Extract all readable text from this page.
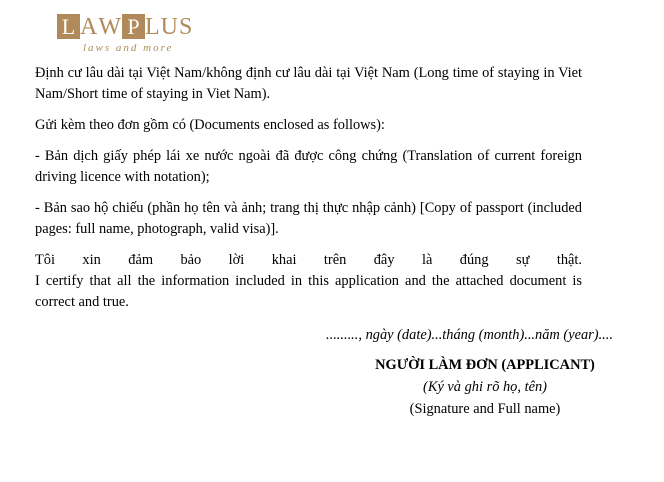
L AW P LUS
laws and more

Định cư lâu dài tại Việt Nam/không định cư lâu dài tại Việt Nam (Long time of staying in Viet Nam/Short time of staying in Viet Nam).

Gửi kèm theo đơn gồm có (Documents enclosed as follows):

- Bản dịch giấy phép lái xe nước ngoài đã được công chứng (Translation of current foreign driving licence with notation);

- Bản sao hộ chiếu (phần họ tên và ảnh; trang thị thực nhập cảnh) [Copy of passport (included pages: full name, photograph, valid visa)].

Tôi xin đảm bảo lời khai trên đây là đúng sự thật.

I certify that all the information included in this application and the attached document is correct and true.

........., ngày (date)...tháng (month)...năm (year)....
NGƯỜI LÀM ĐƠN (APPLICANT)
(Ký và ghi rõ họ, tên)
(Signature and Full name)
